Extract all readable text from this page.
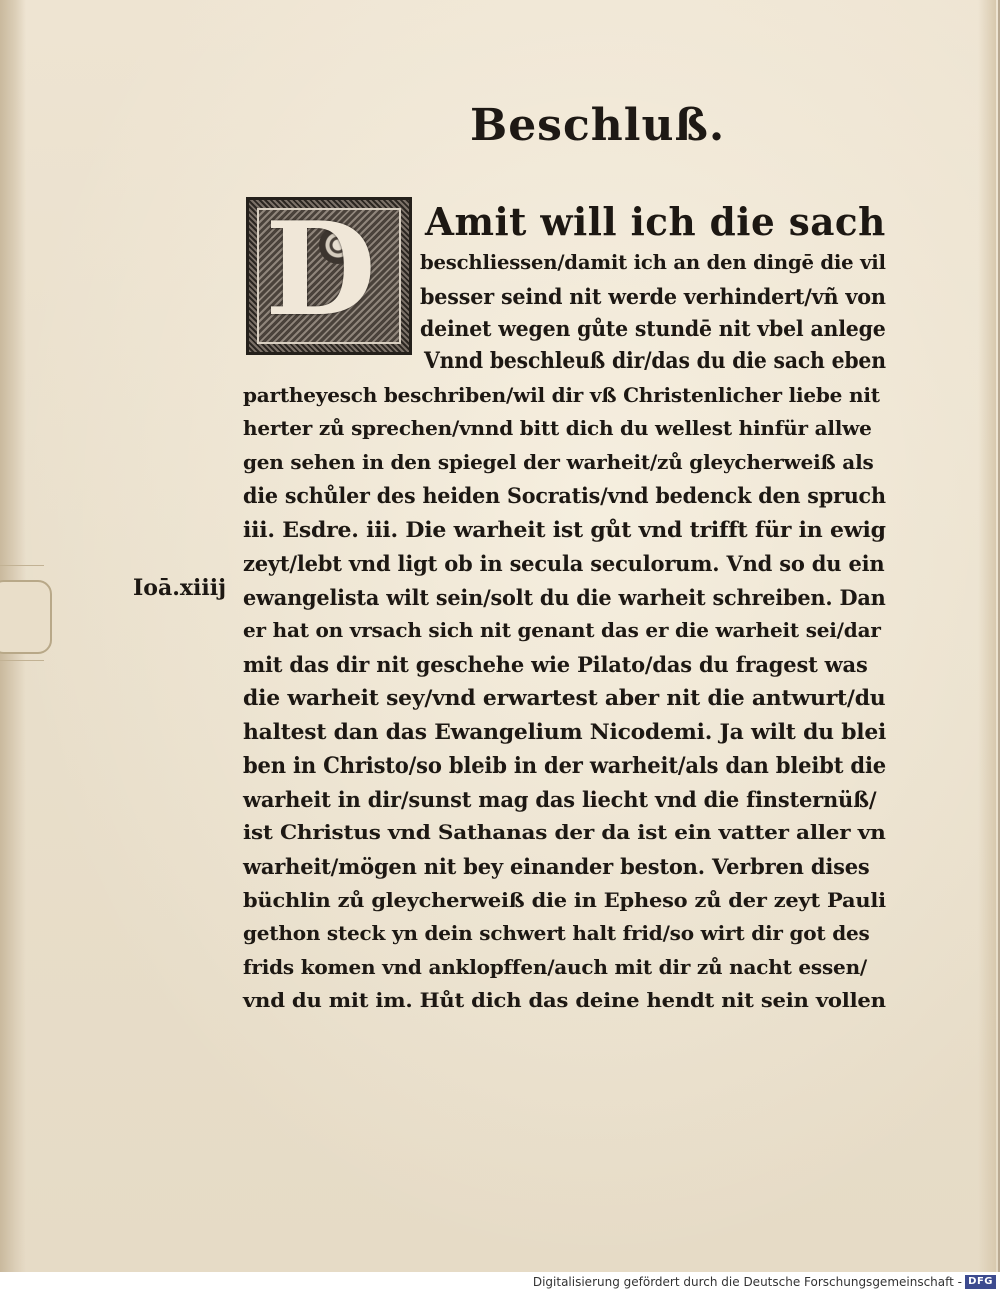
Beschluß.
D
Ioā.xiiij
Amit will ich die sach
beschliessen/damit ich an den dingē die vil
besser seind nit werde verhindert/vñ von
deinet wegen gůte stundē nit vbel anlege
Vnnd beschleuß dir/das du die sach eben
partheyesch beschriben/wil dir vß Christenlicher liebe nit
herter zů sprechen/vnnd bitt dich du wellest hinfür allwe
gen sehen in den spiegel der warheit/zů gleycherweiß als
die schůler des heiden Socratis/vnd bedenck den spruch
iii. Esdre. iii. Die warheit ist gůt vnd trifft für in ewig
zeyt/lebt vnd ligt ob in secula seculorum. Vnd so du ein
ewangelista wilt sein/solt du die warheit schreiben. Dan
er hat on vrsach sich nit genant das er die warheit sei/dar
mit das dir nit geschehe wie Pilato/das du fragest was
die warheit sey/vnd erwartest aber nit die antwurt/du
haltest dan das Ewangelium Nicodemi. Ja wilt du blei
ben in Christo/so bleib in der warheit/als dan bleibt die
warheit in dir/sunst mag das liecht vnd die finsternüß/
ist Christus vnd Sathanas der da ist ein vatter aller vn
warheit/mögen nit bey einander beston. Verbren dises
büchlin zů gleycherweiß die in Epheso zů der zeyt Pauli
gethon steck yn dein schwert halt frid/so wirt dir got des
frids komen vnd anklopffen/auch mit dir zů nacht essen/
vnd du mit im. Hůt dich das deine hendt nit sein vollen
Digitalisierung gefördert durch die Deutsche Forschungsgemeinschaft - DFG
